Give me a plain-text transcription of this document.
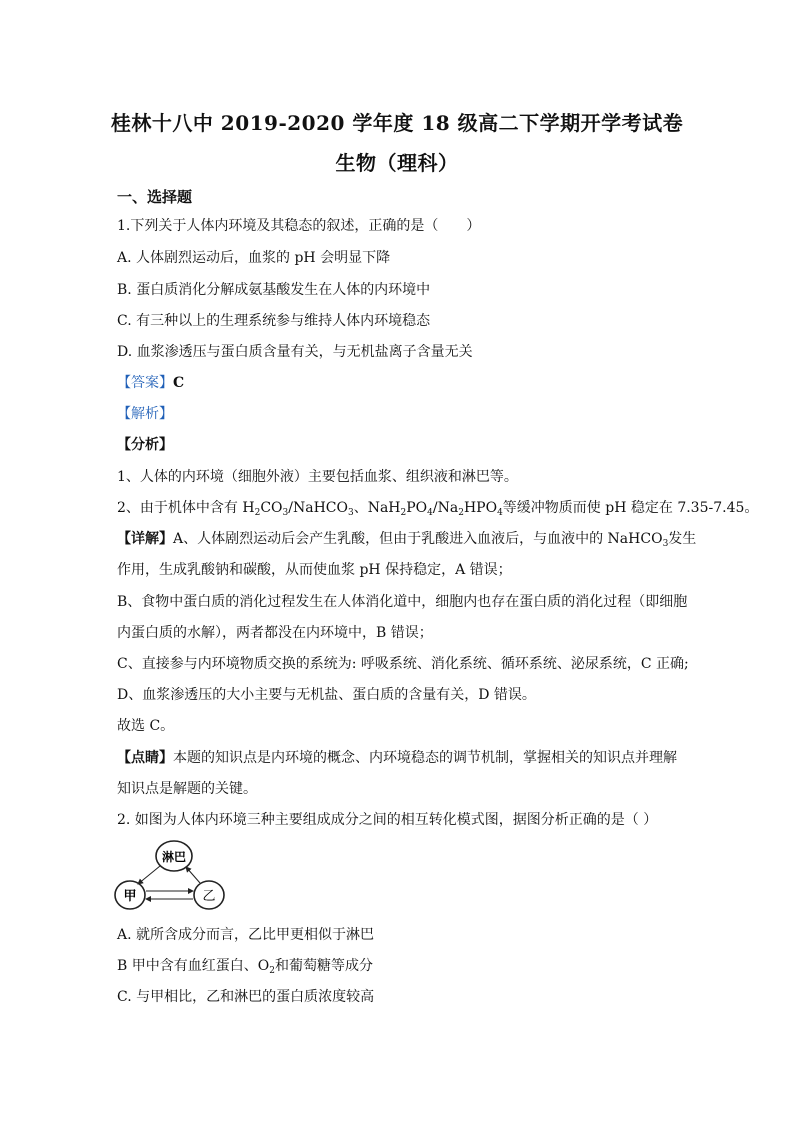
桂林十八中 2019-2020 学年度 18 级高二下学期开学考试卷
生物（理科）
一、选择题
1.下列关于人体内环境及其稳态的叙述，正确的是（　　）
A. 人体剧烈运动后，血浆的 pH 会明显下降
B. 蛋白质消化分解成氨基酸发生在人体的内环境中
C. 有三种以上的生理系统参与维持人体内环境稳态
D. 血浆渗透压与蛋白质含量有关，与无机盐离子含量无关
【答案】C
【解析】
【分析】
1、人体的内环境（细胞外液）主要包括血浆、组织液和淋巴等。
2、由于机体中含有 $H_2CO_3/NaHCO_3$、$NaH_2PO_4/Na_2HPO_4$等缓冲物质而使 pH 稳定在 7.35-7.45。
【详解】A、人体剧烈运动后会产生乳酸，但由于乳酸进入血液后，与血液中的 NaHCO$_3$发生
作用，生成乳酸钠和碳酸，从而使血浆 pH 保持稳定，A 错误；
B、食物中蛋白质的消化过程发生在人体消化道中，细胞内也存在蛋白质的消化过程（即细胞
内蛋白质的水解），两者都没在内环境中，B 错误；
C、直接参与内环境物质交换的系统为: 呼吸系统、消化系统、循环系统、泌尿系统，C 正确;
D、血浆渗透压的大小主要与无机盐、蛋白质的含量有关，D 错误。
故选 C。
【点睛】本题的知识点是内环境的概念、内环境稳态的调节机制，掌握相关的知识点并理解
知识点是解题的关键。
2. 如图为人体内环境三种主要组成成分之间的相互转化模式图，据图分析正确的是（ ）
淋巴
甲	乙
A. 就所含成分而言，乙比甲更相似于淋巴
B 甲中含有血红蛋白、$O_2$和葡萄糖等成分
C. 与甲相比，乙和淋巴的蛋白质浓度较高
